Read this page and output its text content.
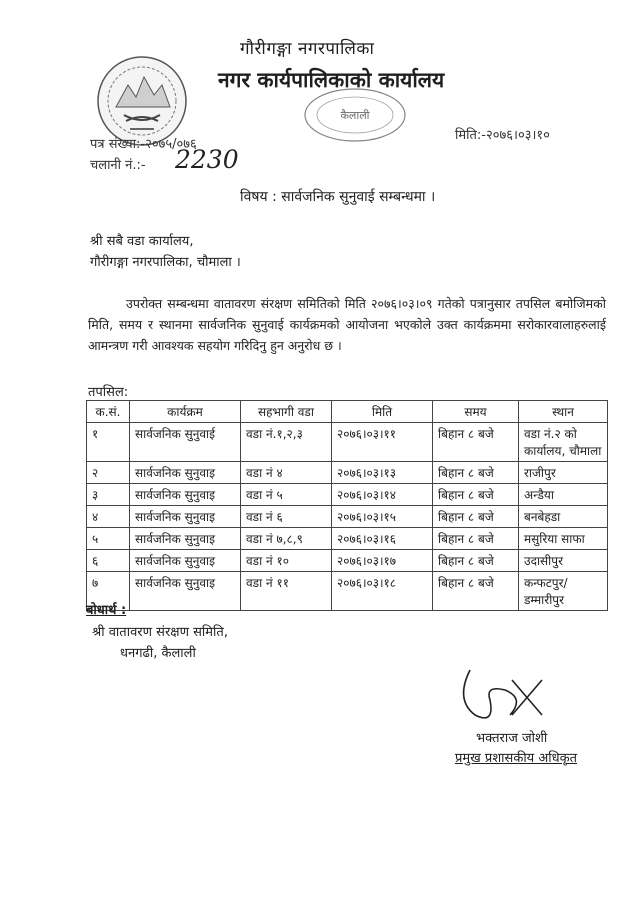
गौरीगङ्गा नगरपालिका
नगर कार्यपालिकाको कार्यालय
कैलाली
पत्र संख्या:-२०७५/०७६
चलानी नं.:- 2230
मिति:-२०७६।०३।१०
विषय : सार्वजनिक सुनुवाई सम्बन्धमा ।
श्री सबै वडा कार्यालय,
गौरीगङ्गा नगरपालिका, चौमाला ।
उपरोक्त सम्बन्धमा वातावरण संरक्षण समितिको मिति २०७६।०३।०९ गतेको पत्रानुसार तपसिल बमोजिमको मिति, समय र स्थानमा सार्वजनिक सुनुवाई कार्यक्रमको आयोजना भएकोले उक्त कार्यक्रममा सरोकारवालाहरुलाई आमन्त्रण गरी आवश्यक सहयोग गरिदिनु हुन अनुरोध छ ।
तपसिल:
क.सं.	कार्यक्रम	सहभागी वडा	मिति	समय	स्थान
१	सार्वजनिक सुनुवाई	वडा नं.१,२,३	२०७६।०३।११	बिहान ८ बजे	वडा नं.२ को कार्यालय, चौमाला
२	सार्वजनिक सुनुवाइ	वडा नं ४	२०७६।०३।१३	बिहान ८ बजे	राजीपुर
३	सार्वजनिक सुनुवाइ	वडा नं ५	२०७६।०३।१४	बिहान ८ बजे	अन्डैया
४	सार्वजनिक सुनुवाइ	वडा नं ६	२०७६।०३।१५	बिहान ८ बजे	बनबेहडा
५	सार्वजनिक सुनुवाइ	वडा नं ७,८,९	२०७६।०३।१६	बिहान ८ बजे	मसुरिया साफा
६	सार्वजनिक सुनुवाइ	वडा नं १०	२०७६।०३।१७	बिहान ८ बजे	उदासीपुर
७	सार्वजनिक सुनुवाइ	वडा नं ११	२०७६।०३।१८	बिहान ८ बजे	कन्फटपुर/ डम्मारीपुर
बोधार्थ :
श्री वातावरण संरक्षण समिति,
धनगढी, कैलाली
भक्तराज जोशी
प्रमुख प्रशासकीय अधिकृत
